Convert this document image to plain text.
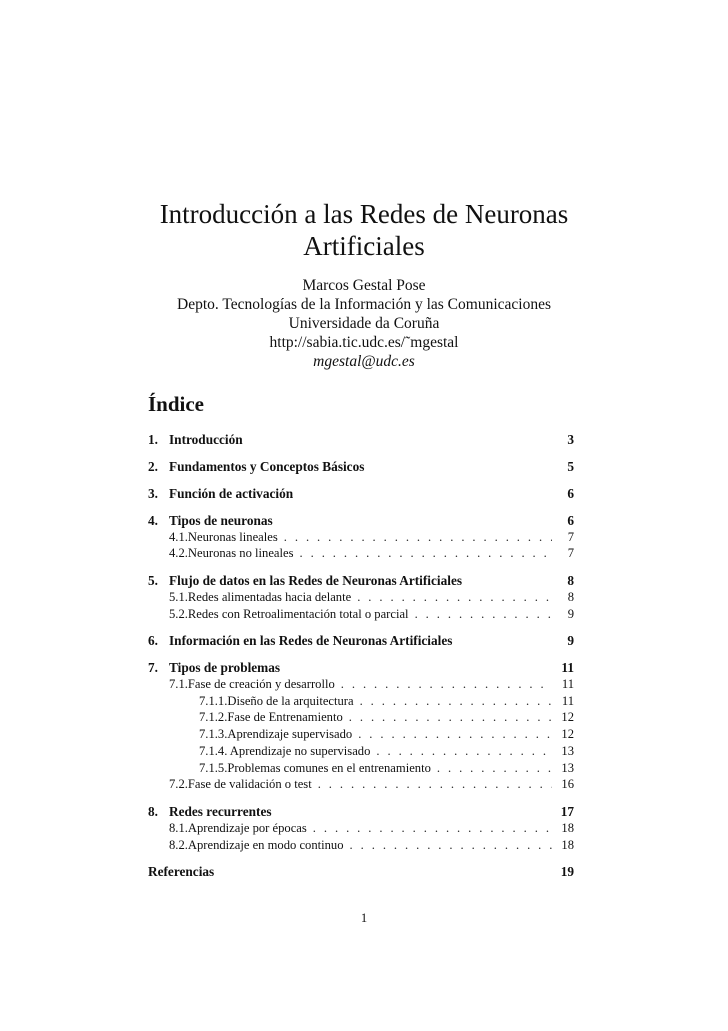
Introducción a las Redes de Neuronas
Artificiales
Marcos Gestal Pose
Depto. Tecnologías de la Información y las Comunicaciones
Universidade da Coruña
http://sabia.tic.udc.es/˜mgestal
mgestal@udc.es
Índice
1. Introducción	3
2. Fundamentos y Conceptos Básicos	5
3. Función de activación	6
4. Tipos de neuronas	6
4.1. Neuronas lineales . . .	7
4.2. Neuronas no lineales . . .	7
5. Flujo de datos en las Redes de Neuronas Artificiales	8
5.1. Redes alimentadas hacia delante . . .	8
5.2. Redes con Retroalimentación total o parcial . . .	9
6. Información en las Redes de Neuronas Artificiales	9
7. Tipos de problemas	11
7.1. Fase de creación y desarrollo . . .	11
7.1.1. Diseño de la arquitectura . . .	11
7.1.2. Fase de Entrenamiento . . .	12
7.1.3. Aprendizaje supervisado . . .	12
7.1.4. Aprendizaje no supervisado . . .	13
7.1.5. Problemas comunes en el entrenamiento . . .	13
7.2. Fase de validación o test . . .	16
8. Redes recurrentes	17
8.1. Aprendizaje por épocas . . .	18
8.2. Aprendizaje en modo continuo . . .	18
Referencias	19
1
